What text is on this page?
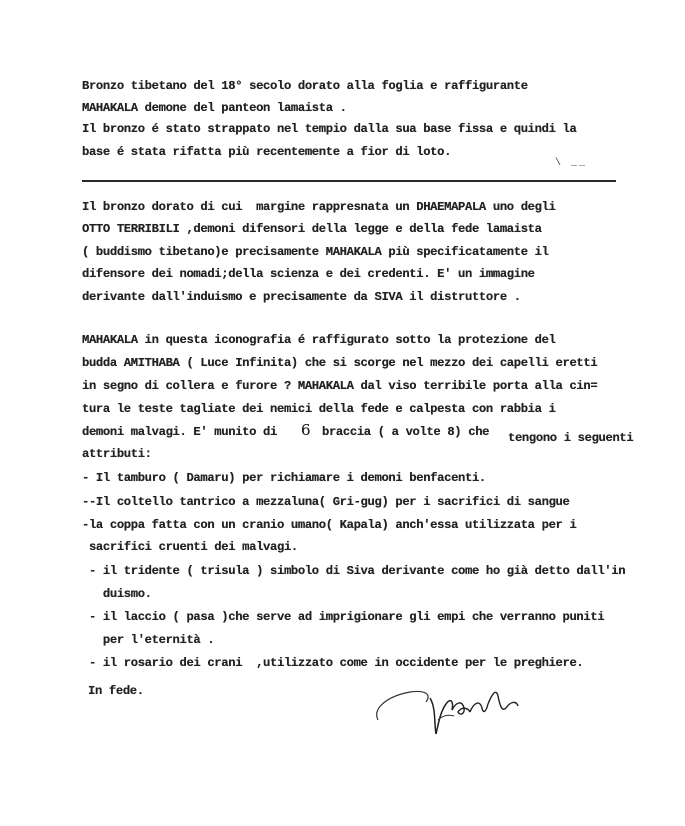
Bronzo tibetano del 18° secolo dorato alla foglia e raffigurante
MAHAKALA demone del panteon lamaista .
Il bronzo é stato strappato nel tempio dalla sua base fissa e quindi la
base é stata rifatta più recentemente a fior di loto.
\ __
Il bronzo dorato di cui  margine rappresnata un DHAEMAPALA uno degli
OTTO TERRIBILI ,demoni difensori della legge e della fede lamaista
( buddismo tibetano)e precisamente MAHAKALA più specificatamente il
difensore dei nomadi;della scienza e dei credenti. E' un immagine
derivante dall'induismo e precisamente da SIVA il distruttore .
MAHAKALA in questa iconografia é raffigurato sotto la protezione del
budda AMITHABA ( Luce Infinita) che si scorge nel mezzo dei capelli eretti
in segno di collera e furore ? MAHAKALA dal viso terribile porta alla cin=
tura le teste tagliate dei nemici della fede e calpesta con rabbia i
demoni malvagi. E' munito di 6 braccia ( a volte 8) che tengono i seguenti
attributi:
- Il tamburo ( Damaru) per richiamare i demoni benfacenti.
--Il coltello tantrico a mezzaluna( Gri-gug) per i sacrifici di sangue
-la coppa fatta con un cranio umano( Kapala) anch'essa utilizzata per i
sacrifici cruenti dei malvagi.
- il tridente ( trisula ) simbolo di Siva derivante come ho già detto dall'in
duismo.
- il laccio ( pasa )che serve ad imprigionare gli empi che verranno puniti
per l'eternità .
- il rosario dei crani  ,utilizzato come in occidente per le preghiere.
In fede.
